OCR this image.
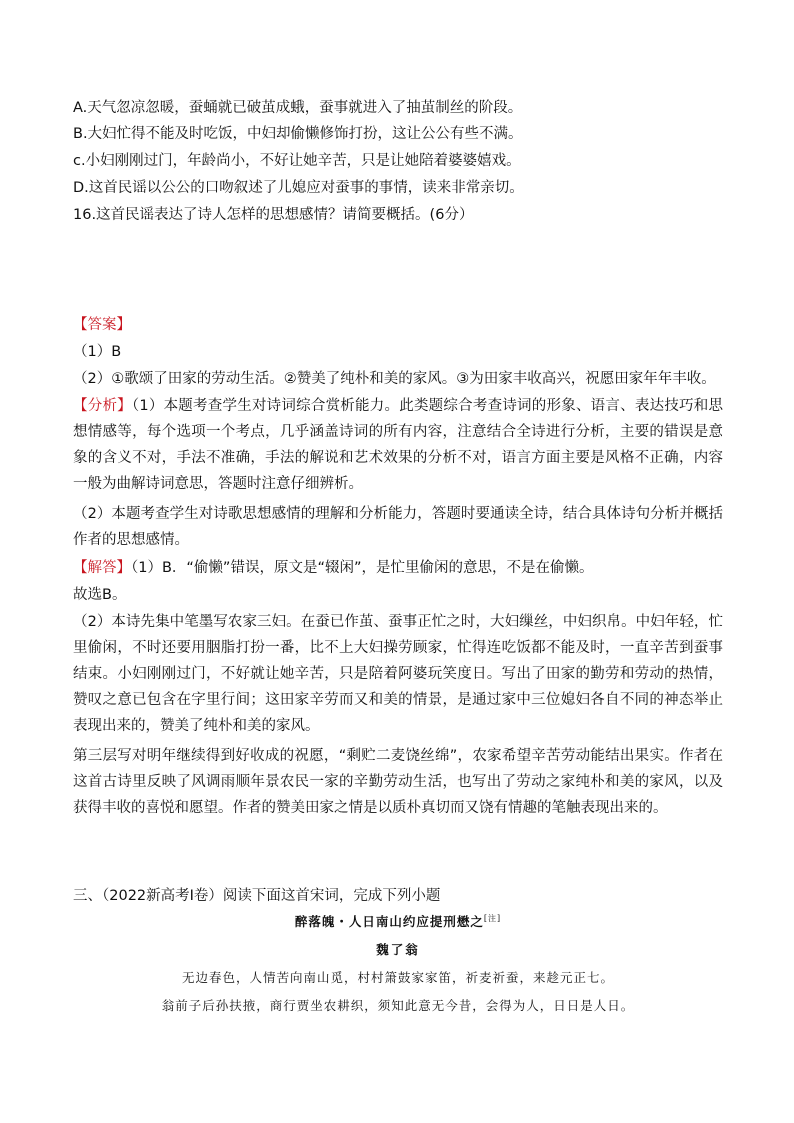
A.天气忽凉忽暖，蚕蛹就已破茧成蛾，蚕事就进入了抽茧制丝的阶段。
B.大妇忙得不能及时吃饭，中妇却偷懒修饰打扮，这让公公有些不满。
c.小妇刚刚过门，年龄尚小，不好让她辛苦，只是让她陪着婆婆嬉戏。
D.这首民谣以公公的口吻叙述了儿媳应对蚕事的事情，读来非常亲切。
16.这首民谣表达了诗人怎样的思想感情？请简要概括。(6分）
【答案】
（1）B
（2）①歌颂了田家的劳动生活。②赞美了纯朴和美的家风。③为田家丰收高兴，祝愿田家年年丰收。
【分析】（1）本题考查学生对诗词综合赏析能力。此类题综合考查诗词的形象、语言、表达技巧和思想情感等，每个选项一个考点，几乎涵盖诗词的所有内容，注意结合全诗进行分析，主要的错误是意象的含义不对，手法不准确，手法的解说和艺术效果的分析不对，语言方面主要是风格不正确，内容一般为曲解诗词意思，答题时注意仔细辨析。
（2）本题考查学生对诗歌思想感情的理解和分析能力，答题时要通读全诗，结合具体诗句分析并概括作者的思想感情。
【解答】（1）B．“偷懒”错误，原文是“辍闲”，是忙里偷闲的意思，不是在偷懒。
故选B。
（2）本诗先集中笔墨写农家三妇。在蚕已作茧、蚕事正忙之时，大妇缫丝，中妇织帛。中妇年轻，忙里偷闲，不时还要用胭脂打扮一番，比不上大妇操劳顾家，忙得连吃饭都不能及时，一直辛苦到蚕事结束。小妇刚刚过门，不好就让她辛苦，只是陪着阿婆玩笑度日。写出了田家的勤劳和劳动的热情，赞叹之意已包含在字里行间；这田家辛劳而又和美的情景，是通过家中三位媳妇各自不同的神态举止表现出来的，赞美了纯朴和美的家风。
第三层写对明年继续得到好收成的祝愿，“剩贮二麦饶丝绵”，农家希望辛苦劳动能结出果实。作者在这首古诗里反映了风调雨顺年景农民一家的辛勤劳动生活，也写出了劳动之家纯朴和美的家风，以及获得丰收的喜悦和愿望。作者的赞美田家之情是以质朴真切而又饶有情趣的笔触表现出来的。
三、（2022新高考Ⅰ卷）阅读下面这首宋词，完成下列小题
醉落魄・人日南山约应提刑懋之[注]
魏了翁
无边春色，人情苦向南山觅，村村箫鼓家家笛，祈麦祈蚕，来趁元正七。
翁前子后孙扶掖，商行贾坐农耕织，须知此意无今昔，会得为人，日日是人日。
